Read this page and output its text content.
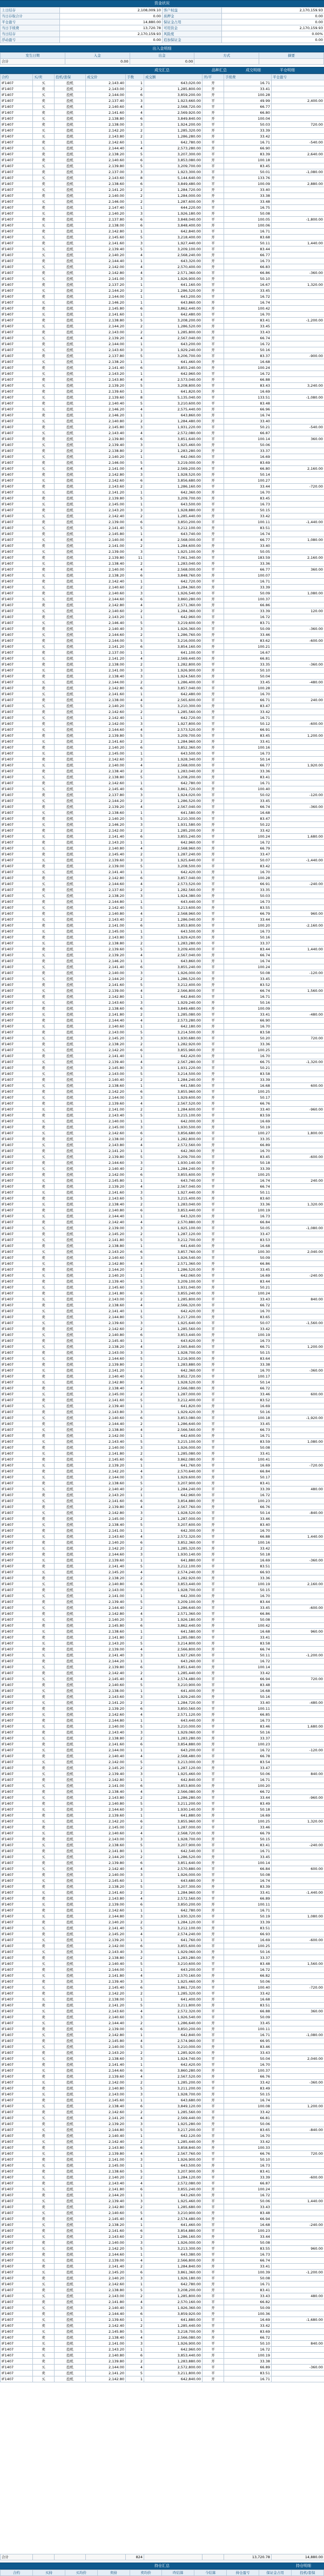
资金状况
上日结存	2,108,009.10	客户权益	2,170,159.93
当日存取合计	0.00	质押金	0.00
平仓盈亏	14,880.00	保证金占用	0.00
当日手续费	13,720.78	可用资金	2,170,159.93
当日结存	2,170,159.93	风险度	0.00%
浮动盈亏	0.00	追加保证金	0.00
出入金明细
发生日期	入金	出金	方式	摘要
合计	0.00	0.00		
成交汇总	品种汇总	成交明细	平仓明细
合约	买/卖	投机/套保	成交价	手数	成交额	开/平	手续费	平仓盈亏
IF1407	买	投机	2,143.40	1	643,020.00	开	16.71	
IF1407	卖	投机	2,143.00	2	1,285,800.00	开	33.41	
IF1407	买	投机	2,144.00	6	3,859,200.00	开	100.28	
IF1407	卖	投机	2,137.40	3	1,923,660.00	平	49.99	2,400.00
IF1407	买	投机	2,140.60	4	2,568,720.00	平	66.77	
IF1407	卖	投机	2,141.60	4	2,569,920.00	开	66.80	
IF1407	买	投机	2,138.80	6	3,849,840.00	开	100.04	
IF1407	卖	投机	2,138.00	3	1,924,200.00	平	50.03	720.00
IF1407	买	投机	2,142.20	2	1,285,320.00	开	33.39	
IF1407	买	投机	2,143.80	2	1,286,280.00	开	33.42	
IF1407	卖	投机	2,142.60	1	642,780.00	平	16.71	-540.00
IF1407	买	投机	2,144.40	4	2,573,280.00	开	66.90	
IF1407	卖	投机	2,138.20	5	3,207,300.00	平	83.39	2,640.00
IF1407	卖	投机	2,140.60	6	3,853,080.00	开	100.18	
IF1407	买	投机	2,139.80	5	3,209,700.00	平	83.45	
IF1407	卖	投机	2,137.00	3	1,923,300.00	平	50.01	-1,080.00
IF1407	买	投机	2,143.60	8	5,144,640.00	开	133.76	
IF1407	卖	投机	2,138.60	6	3,849,480.00	平	100.09	2,880.00
IF1407	买	投机	2,141.20	2	1,284,720.00	开	33.40	
IF1407	卖	投机	2,140.00	2	1,284,000.00	开	33.38	
IF1407	买	投机	2,146.00	2	1,287,600.00	开	33.48	
IF1407	卖	投机	2,147.40	1	644,220.00	平	16.75	
IF1407	买	投机	2,140.20	3	1,926,180.00	开	50.08	
IF1407	卖	投机	2,137.80	6	3,848,040.00	平	100.05	-1,800.00
IF1407	买	投机	2,138.00	6	3,848,400.00	开	100.06	
IF1407	卖	投机	2,142.80	1	642,840.00	平	16.71	
IF1407	买	投机	2,145.60	5	3,218,400.00	开	83.68	
IF1407	卖	投机	2,141.60	3	1,927,440.00	平	50.11	1,440.00
IF1407	买	投机	2,139.40	5	3,209,100.00	平	83.44	
IF1407	买	投机	2,140.20	4	2,568,240.00	开	66.77	
IF1407	卖	投机	2,144.40	1	643,320.00	开	16.73	
IF1407	买	投机	2,142.00	4	2,570,400.00	开	66.83	
IF1407	卖	投机	2,142.80	4	2,571,360.00	平	66.86	-360.00
IF1407	买	投机	2,141.00	3	1,926,900.00	开	50.10	
IF1407	卖	投机	2,137.20	1	641,160.00	平	16.67	1,320.00
IF1407	买	投机	2,144.20	2	1,286,520.00	开	33.45	
IF1407	卖	投机	2,144.00	1	643,200.00	平	16.72	
IF1407	买	投机	2,146.20	1	643,860.00	开	16.74	
IF1407	卖	投机	2,145.80	6	3,862,440.00	开	100.42	
IF1407	买	投机	2,141.60	1	642,480.00	平	16.70	
IF1407	卖	投机	2,138.80	5	3,208,200.00	平	83.41	-1,200.00
IF1407	买	投机	2,144.20	2	1,286,520.00	开	33.45	
IF1407	卖	投机	2,143.00	2	1,285,800.00	开	33.43	
IF1407	买	投机	2,139.20	4	2,567,040.00	开	66.74	
IF1407	卖	投机	2,144.00	1	643,200.00	平	16.72	
IF1407	买	投机	2,143.60	3	1,929,240.00	开	50.16	
IF1407	卖	投机	2,137.80	5	3,206,700.00	平	83.37	-900.00
IF1407	买	投机	2,138.20	1	641,460.00	开	16.68	
IF1407	卖	投机	2,141.40	6	3,855,240.00	开	100.24	
IF1407	买	投机	2,143.20	1	642,960.00	平	16.72	
IF1407	卖	投机	2,143.80	4	2,573,040.00	开	66.88	
IF1407	买	投机	2,139.20	5	3,208,800.00	平	83.43	3,240.00
IF1407	卖	投机	2,139.60	1	641,820.00	开	16.69	
IF1407	买	投机	2,139.60	8	5,135,040.00	平	133.51	-1,080.00
IF1407	卖	投机	2,140.40	5	3,210,600.00	平	83.48	
IF1407	买	投机	2,146.20	4	2,575,440.00	开	66.96	
IF1407	卖	投机	2,146.20	1	643,860.00	开	16.74	
IF1407	买	投机	2,140.80	2	1,284,480.00	开	33.40	
IF1407	卖	投机	2,145.80	3	1,931,220.00	平	50.21	-540.00
IF1407	买	投机	2,143.40	4	2,572,080.00	开	66.87	
IF1407	卖	投机	2,139.80	6	3,851,640.00	平	100.14	360.00
IF1407	买	投机	2,139.40	3	1,925,460.00	开	50.06	
IF1407	卖	投机	2,138.80	2	1,283,280.00	开	33.37	
IF1407	买	投机	2,140.20	1	642,060.00	平	16.69	
IF1407	卖	投机	2,146.00	5	3,219,000.00	开	83.69	
IF1407	买	投机	2,141.00	4	2,569,200.00	平	66.80	2,160.00
IF1407	卖	投机	2,142.80	3	1,928,520.00	开	50.14	
IF1407	买	投机	2,142.60	6	3,856,680.00	开	100.27	
IF1407	卖	投机	2,143.60	2	1,286,160.00	平	33.44	-720.00
IF1407	买	投机	2,141.20	1	642,360.00	开	16.70	
IF1407	卖	投机	2,139.80	5	3,209,700.00	开	83.45	
IF1407	买	投机	2,145.00	1	643,500.00	平	16.73	
IF1407	卖	投机	2,143.20	3	1,928,880.00	开	50.15	
IF1407	买	投机	2,142.40	2	1,285,440.00	开	33.42	
IF1407	卖	投机	2,139.00	6	3,850,200.00	平	100.11	-1,440.00
IF1407	买	投机	2,141.40	5	3,212,100.00	开	83.51	
IF1407	卖	投机	2,145.80	1	643,740.00	开	16.74	
IF1407	买	投机	2,140.00	4	2,568,000.00	平	66.77	1,080.00
IF1407	卖	投机	2,141.00	2	1,284,600.00	开	33.40	
IF1407	买	投机	2,139.00	3	1,925,100.00	开	50.05	
IF1407	卖	投机	2,139.80	11	7,061,340.00	平	183.59	2,160.00
IF1407	买	投机	2,138.40	2	1,283,040.00	开	33.36	
IF1407	卖	投机	2,140.00	4	2,568,000.00	平	66.77	360.00
IF1407	买	投机	2,138.20	6	3,848,760.00	开	100.07	
IF1407	卖	投机	2,142.40	1	642,720.00	平	16.71	
IF1407	买	投机	2,140.60	2	1,284,360.00	开	33.39	
IF1407	卖	投机	2,140.60	3	1,926,540.00	平	50.09	1,080.00
IF1407	买	投机	2,144.60	6	3,860,280.00	开	100.37	
IF1407	卖	投机	2,142.80	4	2,571,360.00	开	66.86	
IF1407	买	投机	2,140.60	2	1,284,360.00	平	33.39	120.00
IF1407	卖	投机	2,143.20	1	642,960.00	平	16.72	
IF1407	买	投机	2,146.40	5	3,219,600.00	开	83.71	
IF1407	卖	投机	2,140.40	3	1,926,360.00	平	50.09	-360.00
IF1407	买	投机	2,144.60	2	1,286,760.00	开	33.46	
IF1407	卖	投机	2,144.00	5	3,216,000.00	平	83.62	-600.00
IF1407	买	投机	2,141.20	6	3,854,160.00	开	100.21	
IF1407	卖	投机	2,137.00	1	641,100.00	平	16.67	
IF1407	买	投机	2,141.20	4	2,569,440.00	开	66.81	
IF1407	卖	投机	2,138.00	2	1,282,800.00	平	33.35	-360.00
IF1407	买	投机	2,141.00	3	1,926,900.00	开	50.10	
IF1407	卖	投机	2,138.40	3	1,924,560.00	开	50.04	
IF1407	买	投机	2,144.00	2	1,286,400.00	平	33.45	-480.00
IF1407	卖	投机	2,142.80	6	3,857,040.00	平	100.28	
IF1407	买	投机	2,141.60	1	642,480.00	开	16.70	
IF1407	卖	投机	2,138.00	4	2,565,600.00	平	66.71	240.00
IF1407	买	投机	2,140.20	5	3,210,300.00	开	83.47	
IF1407	卖	投机	2,142.60	2	1,285,560.00	开	33.42	
IF1407	买	投机	2,142.40	1	642,720.00	平	16.71	
IF1407	卖	投机	2,142.00	3	1,927,800.00	平	50.12	-600.00
IF1407	买	投机	2,144.60	4	2,573,520.00	开	66.91	
IF1407	卖	投机	2,139.80	5	3,209,700.00	平	83.45	1,200.00
IF1407	买	投机	2,141.60	2	1,284,960.00	开	33.41	
IF1407	卖	投机	2,140.20	6	3,852,360.00	开	100.16	
IF1407	买	投机	2,145.00	1	643,500.00	平	16.73	
IF1407	卖	投机	2,142.60	3	1,928,340.00	开	50.14	
IF1407	买	投机	2,140.00	4	2,568,000.00	平	66.77	1,920.00
IF1407	卖	投机	2,138.40	2	1,283,040.00	开	33.36	
IF1407	买	投机	2,138.80	5	3,208,200.00	开	83.41	
IF1407	卖	投机	2,142.60	1	642,780.00	平	16.71	
IF1407	买	投机	2,145.40	6	3,861,720.00	开	100.40	
IF1407	卖	投机	2,137.80	3	1,924,020.00	平	50.02	-120.00
IF1407	买	投机	2,144.20	2	1,286,520.00	开	33.45	
IF1407	卖	投机	2,139.20	4	2,567,040.00	平	66.74	-360.00
IF1407	买	投机	2,138.60	1	641,580.00	开	16.68	
IF1407	卖	投机	2,140.20	5	3,210,300.00	平	83.47	
IF1407	买	投机	2,146.20	3	1,931,580.00	开	50.22	
IF1407	卖	投机	2,142.00	2	1,285,200.00	开	33.42	
IF1407	买	投机	2,141.40	6	3,855,240.00	平	100.24	1,680.00
IF1407	卖	投机	2,143.20	1	642,960.00	平	16.72	
IF1407	买	投机	2,140.80	4	2,568,960.00	开	66.79	
IF1407	卖	投机	2,145.40	2	1,287,240.00	开	33.47	
IF1407	买	投机	2,139.60	3	1,925,640.00	平	50.07	-1,440.00
IF1407	卖	投机	2,139.00	5	3,208,500.00	平	83.42	
IF1407	买	投机	2,141.40	1	642,420.00	开	16.70	
IF1407	卖	投机	2,142.80	6	3,857,040.00	开	100.28	
IF1407	买	投机	2,144.60	4	2,573,520.00	平	66.91	-240.00
IF1407	卖	投机	2,137.60	2	1,282,560.00	开	33.35	
IF1407	买	投机	2,138.20	3	1,924,380.00	开	50.03	
IF1407	卖	投机	2,144.80	1	643,440.00	平	16.73	
IF1407	买	投机	2,142.40	5	3,213,600.00	开	83.55	
IF1407	卖	投机	2,140.80	4	2,568,960.00	平	66.79	960.00
IF1407	买	投机	2,143.40	2	1,286,040.00	开	33.44	
IF1407	卖	投机	2,141.00	6	3,853,800.00	平	100.20	-2,160.00
IF1407	买	投机	2,145.00	1	643,500.00	开	16.73	
IF1407	卖	投机	2,143.80	3	1,929,420.00	开	50.16	
IF1407	买	投机	2,138.80	2	1,283,280.00	平	33.37	
IF1407	卖	投机	2,139.60	5	3,209,400.00	平	83.44	1,440.00
IF1407	买	投机	2,139.20	4	2,567,040.00	开	66.74	
IF1407	卖	投机	2,146.20	1	643,860.00	开	16.74	
IF1407	买	投机	2,141.40	6	3,855,240.00	平	100.24	
IF1407	卖	投机	2,140.00	3	1,926,000.00	平	50.08	-120.00
IF1407	买	投机	2,144.20	2	1,286,520.00	开	33.45	
IF1407	卖	投机	2,141.60	5	3,212,400.00	开	83.52	
IF1407	买	投机	2,139.00	4	2,566,800.00	平	66.74	1,560.00
IF1407	卖	投机	2,142.80	1	642,840.00	平	16.71	
IF1407	买	投机	2,143.60	3	1,929,240.00	开	50.16	
IF1407	卖	投机	2,138.60	6	3,849,480.00	开	100.09	
IF1407	买	投机	2,141.80	2	1,285,080.00	平	33.41	-480.00
IF1407	卖	投机	2,144.40	4	2,573,280.00	平	66.90	
IF1407	买	投机	2,140.60	1	642,180.00	开	16.70	
IF1407	卖	投机	2,143.00	5	3,214,500.00	开	83.58	
IF1407	买	投机	2,145.20	3	1,930,680.00	平	50.20	720.00
IF1407	卖	投机	2,138.20	2	1,282,920.00	平	33.36	
IF1407	买	投机	2,142.20	6	3,855,960.00	开	100.25	
IF1407	卖	投机	2,141.40	1	642,420.00	开	16.70	
IF1407	买	投机	2,139.40	4	2,567,280.00	平	66.75	-1,320.00
IF1407	卖	投机	2,145.80	3	1,931,220.00	平	50.21	
IF1407	买	投机	2,143.00	5	3,214,500.00	开	83.58	
IF1407	卖	投机	2,140.40	2	1,284,240.00	开	33.39	
IF1407	买	投机	2,138.60	1	641,580.00	平	16.68	600.00
IF1407	卖	投机	2,142.20	6	3,855,960.00	平	100.25	
IF1407	买	投机	2,144.00	3	1,929,600.00	开	50.17	
IF1407	卖	投机	2,139.60	4	2,567,520.00	开	66.76	
IF1407	买	投机	2,141.00	2	1,284,600.00	平	33.40	-960.00
IF1407	卖	投机	2,143.40	5	3,215,100.00	平	83.59	
IF1407	买	投机	2,140.00	1	642,000.00	开	16.69	
IF1407	卖	投机	2,145.00	3	1,930,500.00	开	50.19	
IF1407	买	投机	2,142.60	6	3,856,680.00	平	100.27	1,800.00
IF1407	卖	投机	2,138.00	2	1,282,800.00	平	33.35	
IF1407	买	投机	2,143.80	4	2,572,560.00	开	66.89	
IF1407	卖	投机	2,141.20	1	642,360.00	开	16.70	
IF1407	买	投机	2,139.80	5	3,209,700.00	平	83.45	-600.00
IF1407	卖	投机	2,144.60	3	1,930,140.00	平	50.18	
IF1407	买	投机	2,140.40	2	1,284,240.00	开	33.39	
IF1407	卖	投机	2,142.00	6	3,855,600.00	开	100.25	
IF1407	买	投机	2,145.80	1	643,740.00	平	16.74	240.00
IF1407	卖	投机	2,139.20	4	2,567,040.00	平	66.74	
IF1407	买	投机	2,141.60	3	1,927,440.00	开	50.11	
IF1407	卖	投机	2,143.60	5	3,215,400.00	开	83.60	
IF1407	买	投机	2,138.40	2	1,283,040.00	平	33.36	1,320.00
IF1407	卖	投机	2,140.80	6	3,853,440.00	平	100.19	
IF1407	买	投机	2,144.40	1	643,320.00	开	16.73	
IF1407	卖	投机	2,142.40	4	2,570,880.00	开	66.84	
IF1407	买	投机	2,139.00	3	1,925,100.00	平	50.05	-1,080.00
IF1407	卖	投机	2,145.20	2	1,287,120.00	平	33.47	
IF1407	买	投机	2,141.80	5	3,212,700.00	开	83.53	
IF1407	卖	投机	2,138.80	1	641,640.00	开	16.68	
IF1407	买	投机	2,143.20	6	3,857,760.00	平	100.30	2,040.00
IF1407	卖	投机	2,140.60	3	1,926,540.00	平	50.09	
IF1407	买	投机	2,142.80	4	2,571,360.00	开	66.86	
IF1407	卖	投机	2,144.20	2	1,286,520.00	开	33.45	
IF1407	买	投机	2,140.20	1	642,060.00	平	16.69	-240.00
IF1407	卖	投机	2,139.40	5	3,209,100.00	平	83.44	
IF1407	买	投机	2,145.60	3	1,931,040.00	开	50.21	
IF1407	卖	投机	2,141.80	6	3,855,240.00	开	100.24	
IF1407	买	投机	2,143.00	2	1,285,800.00	平	33.43	840.00
IF1407	卖	投机	2,138.60	4	2,566,320.00	平	66.72	
IF1407	买	投机	2,141.40	1	642,420.00	开	16.70	
IF1407	卖	投机	2,144.80	5	3,217,200.00	开	83.65	
IF1407	买	投机	2,139.60	3	1,925,640.00	平	50.07	-1,560.00
IF1407	卖	投机	2,142.60	2	1,285,560.00	平	33.42	
IF1407	买	投机	2,140.80	6	3,853,440.00	开	100.19	
IF1407	卖	投机	2,145.40	1	643,620.00	开	16.73	
IF1407	买	投机	2,138.20	4	2,565,840.00	平	66.71	1,200.00
IF1407	卖	投机	2,143.00	3	1,928,700.00	平	50.15	
IF1407	买	投机	2,144.60	5	3,216,900.00	开	83.64	
IF1407	卖	投机	2,139.80	2	1,283,880.00	开	33.38	
IF1407	买	投机	2,141.20	1	642,360.00	平	16.70	-360.00
IF1407	卖	投机	2,140.40	6	3,852,720.00	平	100.17	
IF1407	买	投机	2,142.80	3	1,928,520.00	开	50.14	
IF1407	卖	投机	2,138.40	4	2,566,080.00	开	66.72	
IF1407	买	投机	2,145.00	2	1,287,000.00	平	33.46	600.00
IF1407	卖	投机	2,141.60	5	3,212,400.00	平	83.52	
IF1407	买	投机	2,139.40	1	641,820.00	开	16.69	
IF1407	卖	投机	2,143.80	3	1,929,420.00	开	50.16	
IF1407	买	投机	2,140.60	6	3,853,080.00	平	100.18	-1,920.00
IF1407	卖	投机	2,144.40	2	1,286,640.00	平	33.45	
IF1407	买	投机	2,138.80	4	2,566,560.00	开	66.73	
IF1407	卖	投机	2,142.00	1	642,600.00	开	16.71	
IF1407	买	投机	2,143.40	5	3,215,100.00	平	83.59	1,080.00
IF1407	卖	投机	2,140.00	3	1,926,000.00	平	50.08	
IF1407	买	投机	2,141.80	2	1,285,080.00	开	33.41	
IF1407	卖	投机	2,145.60	6	3,862,080.00	开	100.41	
IF1407	买	投机	2,139.20	1	641,760.00	平	16.69	-720.00
IF1407	卖	投机	2,142.20	4	2,570,640.00	平	66.84	
IF1407	买	投机	2,144.00	3	1,929,600.00	开	50.17	
IF1407	卖	投机	2,138.60	5	3,207,900.00	开	83.41	
IF1407	买	投机	2,140.40	2	1,284,240.00	平	33.39	480.00
IF1407	卖	投机	2,143.20	1	642,960.00	平	16.72	
IF1407	买	投机	2,141.60	6	3,854,880.00	开	100.23	
IF1407	卖	投机	2,139.80	4	2,567,760.00	开	66.76	
IF1407	买	投机	2,142.80	3	1,928,520.00	平	50.14	-840.00
IF1407	卖	投机	2,145.00	2	1,287,000.00	平	33.46	
IF1407	买	投机	2,138.40	5	3,207,600.00	开	83.40	
IF1407	卖	投机	2,141.00	1	642,300.00	开	16.70	
IF1407	买	投机	2,143.60	4	2,572,320.00	平	66.88	1,440.00
IF1407	卖	投机	2,140.20	6	3,852,360.00	平	100.16	
IF1407	买	投机	2,142.20	2	1,285,320.00	开	33.42	
IF1407	卖	投机	2,144.60	3	1,930,140.00	开	50.18	
IF1407	买	投机	2,139.60	1	641,880.00	平	16.69	-360.00
IF1407	卖	投机	2,141.40	5	3,212,100.00	平	83.51	
IF1407	买	投机	2,145.20	4	2,574,240.00	开	66.93	
IF1407	卖	投机	2,138.20	2	1,282,920.00	开	33.36	
IF1407	买	投机	2,140.80	6	3,853,440.00	平	100.19	2,160.00
IF1407	卖	投机	2,143.00	3	1,928,700.00	平	50.15	
IF1407	买	投机	2,141.00	1	642,300.00	开	16.70	
IF1407	卖	投机	2,139.40	5	3,209,100.00	开	83.44	
IF1407	买	投机	2,144.40	2	1,286,640.00	平	33.45	-600.00
IF1407	卖	投机	2,142.80	4	2,571,360.00	平	66.86	
IF1407	买	投机	2,140.20	3	1,926,180.00	开	50.08	
IF1407	卖	投机	2,145.80	6	3,862,440.00	开	100.42	
IF1407	买	投机	2,138.60	1	641,580.00	平	16.68	960.00
IF1407	卖	投机	2,141.80	2	1,285,080.00	平	33.41	
IF1407	买	投机	2,143.20	5	3,214,800.00	开	83.58	
IF1407	卖	投机	2,139.00	4	2,566,800.00	开	66.74	
IF1407	买	投机	2,141.40	3	1,927,260.00	平	50.11	-1,200.00
IF1407	卖	投机	2,144.20	1	643,260.00	平	16.72	
IF1407	买	投机	2,139.80	6	3,851,640.00	开	100.14	
IF1407	卖	投机	2,142.40	2	1,285,440.00	开	33.42	
IF1407	买	投机	2,145.40	4	2,574,480.00	平	66.94	720.00
IF1407	卖	投机	2,140.60	5	3,210,900.00	平	83.48	
IF1407	买	投机	2,138.00	1	641,400.00	开	16.68	
IF1407	卖	投机	2,143.60	3	1,929,240.00	开	50.16	
IF1407	买	投机	2,141.20	2	1,284,720.00	平	33.40	-480.00
IF1407	卖	投机	2,139.20	6	3,850,560.00	平	100.11	
IF1407	买	投机	2,142.60	4	2,571,120.00	开	66.85	
IF1407	卖	投机	2,144.80	1	643,440.00	开	16.73	
IF1407	买	投机	2,140.00	5	3,210,000.00	平	83.46	1,680.00
IF1407	卖	投机	2,143.40	3	1,929,060.00	平	50.16	
IF1407	买	投机	2,138.80	2	1,283,280.00	开	33.37	
IF1407	卖	投机	2,141.60	6	3,854,880.00	开	100.23	
IF1407	买	投机	2,144.00	1	643,200.00	平	16.72	-120.00
IF1407	卖	投机	2,140.40	4	2,568,480.00	平	66.78	
IF1407	买	投机	2,142.00	5	3,213,000.00	开	83.54	
IF1407	卖	投机	2,145.20	2	1,287,120.00	开	33.47	
IF1407	买	投机	2,139.40	3	1,925,460.00	平	50.06	840.00
IF1407	卖	投机	2,142.80	1	642,840.00	平	16.71	
IF1407	买	投机	2,141.00	6	3,853,800.00	开	100.20	
IF1407	卖	投机	2,138.40	4	2,566,080.00	开	66.72	
IF1407	买	投机	2,143.80	2	1,286,280.00	平	33.44	-960.00
IF1407	卖	投机	2,140.80	5	3,211,200.00	平	83.49	
IF1407	买	投机	2,144.60	3	1,930,140.00	开	50.18	
IF1407	卖	投机	2,139.60	1	641,880.00	开	16.69	
IF1407	买	投机	2,142.20	6	3,855,960.00	平	100.25	1,320.00
IF1407	卖	投机	2,145.00	2	1,287,000.00	平	33.46	
IF1407	买	投机	2,140.60	4	2,568,720.00	开	66.79	
IF1407	卖	投机	2,143.00	3	1,928,700.00	开	50.15	
IF1407	买	投机	2,138.60	5	3,207,900.00	平	83.41	-240.00
IF1407	卖	投机	2,141.80	1	642,540.00	平	16.71	
IF1407	买	投机	2,144.20	2	1,286,520.00	开	33.45	
IF1407	卖	投机	2,139.80	6	3,851,640.00	开	100.14	
IF1407	买	投机	2,142.40	4	2,570,880.00	平	66.84	600.00
IF1407	卖	投机	2,140.00	3	1,926,000.00	平	50.08	
IF1407	买	投机	2,145.60	1	643,680.00	开	16.74	
IF1407	卖	投机	2,138.20	5	3,207,300.00	开	83.39	
IF1407	买	投机	2,141.60	2	1,284,960.00	平	33.41	-1,440.00
IF1407	卖	投机	2,143.80	4	2,572,560.00	平	66.89	
IF1407	买	投机	2,139.00	6	3,850,200.00	开	100.11	
IF1407	卖	投机	2,142.60	1	642,780.00	开	16.71	
IF1407	买	投机	2,144.80	3	1,930,320.00	平	50.19	1,080.00
IF1407	卖	投机	2,140.20	2	1,284,120.00	平	33.39	
IF1407	买	投机	2,141.40	5	3,212,100.00	开	83.51	
IF1407	卖	投机	2,145.20	4	2,574,240.00	开	66.93	
IF1407	买	投机	2,139.20	1	641,760.00	平	16.69	-600.00
IF1407	卖	投机	2,142.00	6	3,855,600.00	平	100.25	
IF1407	买	投机	2,143.40	3	1,929,060.00	开	50.16	
IF1407	卖	投机	2,138.80	2	1,283,280.00	开	33.37	
IF1407	买	投机	2,140.40	5	3,210,600.00	平	83.48	1,560.00
IF1407	卖	投机	2,144.00	1	643,200.00	平	16.72	
IF1407	买	投机	2,141.80	4	2,570,160.00	开	66.82	
IF1407	卖	投机	2,139.40	3	1,925,460.00	开	50.06	
IF1407	买	投机	2,145.40	6	3,861,720.00	平	100.40	-720.00
IF1407	卖	投机	2,142.20	2	1,285,320.00	平	33.42	
IF1407	买	投机	2,138.00	1	641,400.00	开	16.68	
IF1407	卖	投机	2,141.20	5	3,211,800.00	开	83.51	
IF1407	买	投机	2,143.60	4	2,572,320.00	平	66.88	360.00
IF1407	卖	投机	2,140.60	3	1,926,540.00	平	50.09	
IF1407	买	投机	2,144.40	2	1,286,640.00	开	33.45	
IF1407	卖	投机	2,139.00	6	3,850,200.00	开	100.11	
IF1407	买	投机	2,142.80	1	642,840.00	平	16.71	-1,080.00
IF1407	卖	投机	2,145.80	4	2,574,960.00	平	66.95	
IF1407	买	投机	2,140.00	5	3,210,000.00	开	83.46	
IF1407	卖	投机	2,143.20	2	1,285,920.00	开	33.43	
IF1407	买	投机	2,138.60	3	1,924,740.00	平	50.04	2,040.00
IF1407	卖	投机	2,141.40	1	642,420.00	平	16.70	
IF1407	买	投机	2,144.60	6	3,860,280.00	开	100.37	
IF1407	卖	投机	2,139.60	4	2,567,520.00	开	66.76	
IF1407	买	投机	2,142.00	2	1,285,200.00	平	33.42	-360.00
IF1407	卖	投机	2,140.80	5	3,211,200.00	平	83.49	
IF1407	买	投机	2,143.00	3	1,928,700.00	开	50.15	
IF1407	卖	投机	2,145.60	1	643,680.00	开	16.74	
IF1407	买	投机	2,138.40	6	3,849,120.00	平	100.08	1,200.00
IF1407	卖	投机	2,142.60	2	1,285,560.00	平	33.42	
IF1407	买	投机	2,141.20	4	2,569,440.00	开	66.81	
IF1407	卖	投机	2,139.20	3	1,925,280.00	开	50.06	
IF1407	买	投机	2,144.80	5	3,217,200.00	平	83.65	-840.00
IF1407	卖	投机	2,140.40	1	642,120.00	平	16.70	
IF1407	买	投机	2,142.40	2	1,285,440.00	开	33.42	
IF1407	卖	投机	2,143.80	6	3,858,840.00	开	100.33	
IF1407	买	投机	2,139.80	4	2,567,760.00	平	66.76	720.00
IF1407	卖	投机	2,141.00	3	1,926,900.00	平	50.10	
IF1407	买	投机	2,145.00	1	643,500.00	开	16.73	
IF1407	卖	投机	2,138.60	5	3,207,900.00	开	83.41	
IF1407	买	投机	2,140.20	2	1,284,120.00	平	33.39	-600.00
IF1407	卖	投机	2,143.40	4	2,572,080.00	平	66.87	
IF1407	买	投机	2,141.80	6	3,855,240.00	开	100.24	
IF1407	卖	投机	2,144.20	1	643,260.00	开	16.72	
IF1407	买	投机	2,139.40	3	1,925,460.00	平	50.06	1,440.00
IF1407	卖	投机	2,142.80	2	1,285,680.00	平	33.43	
IF1407	买	投机	2,140.60	5	3,210,900.00	开	83.48	
IF1407	卖	投机	2,145.40	4	2,574,480.00	开	66.94	
IF1407	买	投机	2,138.20	1	641,460.00	平	16.68	-240.00
IF1407	卖	投机	2,141.60	6	3,854,880.00	平	100.23	
IF1407	买	投机	2,143.60	2	1,286,160.00	开	33.44	
IF1407	卖	投机	2,140.00	3	1,926,000.00	开	50.08	
IF1407	买	投机	2,142.20	5	3,213,300.00	平	83.55	960.00
IF1407	卖	投机	2,144.60	1	643,380.00	平	16.73	
IF1407	买	投机	2,139.00	4	2,566,800.00	开	66.74	
IF1407	卖	投机	2,141.40	2	1,284,840.00	开	33.41	
IF1407	买	投机	2,145.20	6	3,861,360.00	平	100.39	-1,200.00
IF1407	卖	投机	2,140.20	3	1,926,180.00	平	50.08	
IF1407	买	投机	2,142.60	1	642,780.00	开	16.71	
IF1407	卖	投机	2,138.80	5	3,208,200.00	开	83.41	
IF1407	买	投机	2,143.00	2	1,285,800.00	平	33.43	480.00
IF1407	卖	投机	2,141.80	4	2,570,160.00	平	66.82	
IF1407	买	投机	2,140.40	3	1,926,360.00	开	50.09	
IF1407	卖	投机	2,144.40	6	3,859,920.00	开	100.36	
IF1407	买	投机	2,139.60	1	641,880.00	平	16.69	-1,680.00
IF1407	卖	投机	2,142.40	2	1,285,440.00	平	33.42	
IF1407	买	投机	2,145.80	5	3,218,700.00	开	83.69	
IF1407	卖	投机	2,138.40	4	2,566,080.00	开	66.72	
IF1407	买	投机	2,141.00	3	1,926,900.00	平	50.10	840.00
IF1407	卖	投机	2,143.20	1	642,960.00	平	16.72	
IF1407	买	投机	2,140.80	6	3,853,440.00	开	100.19	
IF1407	卖	投机	2,139.80	2	1,283,880.00	开	33.38	
IF1407	买	投机	2,144.00	4	2,572,800.00	平	66.89	-360.00
IF1407	卖	投机	2,141.20	5	3,211,800.00	平	83.51	
IF1407	买	投机	2,142.80	1	642,840.00	开	16.71	
合计				824			13,720.78	14,880.00
持仓汇总	持仓明细
合约	买持	买均价	卖持	卖均价	昨结算	今结算	持仓盈亏	保证金占用	投机/套保
